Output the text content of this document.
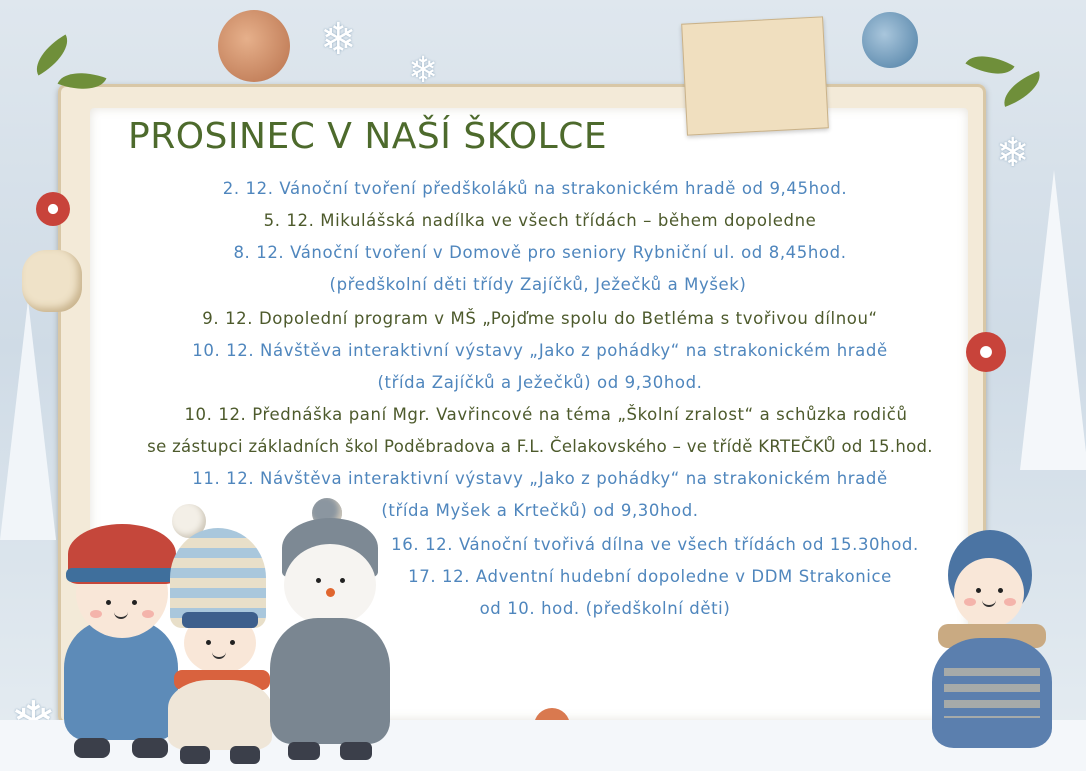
❄
❄
❄
PROSINEC V NAŠÍ ŠKOLCE

2. 12. Vánoční tvoření předškoláků na strakonickém hradě od 9,45hod.

5. 12. Mikulášská nadílka ve všech třídách – během dopoledne

8. 12. Vánoční tvoření v Domově pro seniory Rybniční ul. od 8,45hod.

(předškolní děti třídy Zajíčků, Ježečků a Myšek)

9. 12. Dopolední program v MŠ „Pojďme spolu do Betléma s tvořivou dílnou“

10. 12. Návštěva interaktivní výstavy „Jako z pohádky“ na strakonickém hradě

(třída Zajíčků a Ježečků) od 9,30hod.

10. 12. Přednáška paní Mgr. Vavřincové na téma „Školní zralost“ a schůzka rodičů

se zástupci základních škol Poděbradova a F.L. Čelakovského – ve třídě KRTEČKŮ od 15.hod.

11. 12. Návštěva interaktivní výstavy „Jako z pohádky“ na strakonickém hradě

(třída Myšek a Krtečků) od 9,30hod.

16. 12. Vánoční tvořivá dílna ve všech třídách od 15.30hod.

17. 12. Adventní hudební dopoledne v DDM Strakonice

od 10. hod. (předškolní děti)
